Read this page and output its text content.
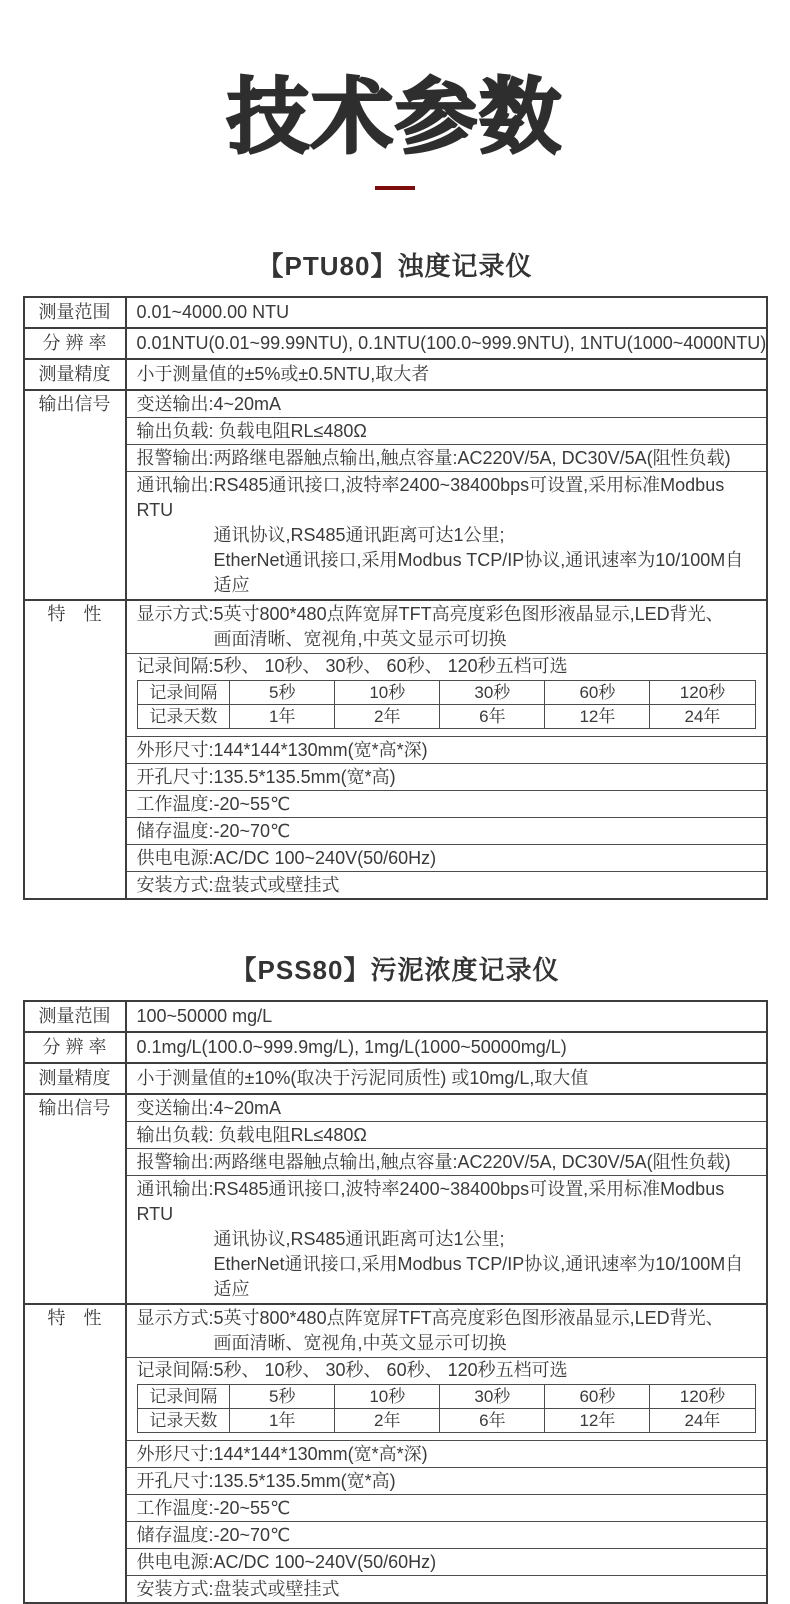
技术参数
【PTU80】浊度记录仪
测量范围	0.01~4000.00 NTU
分 辨 率	0.01NTU(0.01~99.99NTU), 0.1NTU(100.0~999.9NTU), 1NTU(1000~4000NTU)
测量精度	小于测量值的±5%或±0.5NTU,取大者
输出信号	变送输出:4~20mA
输出负载: 负载电阻RL≤480Ω
报警输出:两路继电器触点输出,触点容量:AC220V/5A, DC30V/5A(阻性负载)
通讯输出:RS485通讯接口,波特率2400~38400bps可设置,采用标准Modbus RTU
通讯协议,RS485通讯距离可达1公里;
EtherNet通讯接口,采用Modbus TCP/IP协议,通讯速率为10/100M自适应
特　性	显示方式:5英寸800*480点阵宽屏TFT高亮度彩色图形液晶显示,LED背光、
画面清晰、宽视角,中英文显示可切换
记录间隔:5秒、 10秒、 30秒、 60秒、 120秒五档可选
记录间隔	5秒	10秒	30秒	60秒	120秒
记录天数	1年	2年	6年	12年	24年
外形尺寸:144*144*130mm(宽*高*深)
开孔尺寸:135.5*135.5mm(宽*高)
工作温度:-20~55℃
储存温度:-20~70℃
供电电源:AC/DC 100~240V(50/60Hz)
安装方式:盘装式或壁挂式
【PSS80】污泥浓度记录仪
测量范围	100~50000 mg/L
分 辨 率	0.1mg/L(100.0~999.9mg/L), 1mg/L(1000~50000mg/L)
测量精度	小于测量值的±10%(取决于污泥同质性) 或10mg/L,取大值
输出信号	变送输出:4~20mA
输出负载: 负载电阻RL≤480Ω
报警输出:两路继电器触点输出,触点容量:AC220V/5A, DC30V/5A(阻性负载)
通讯输出:RS485通讯接口,波特率2400~38400bps可设置,采用标准Modbus RTU
通讯协议,RS485通讯距离可达1公里;
EtherNet通讯接口,采用Modbus TCP/IP协议,通讯速率为10/100M自适应
特　性	显示方式:5英寸800*480点阵宽屏TFT高亮度彩色图形液晶显示,LED背光、
画面清晰、宽视角,中英文显示可切换
记录间隔:5秒、 10秒、 30秒、 60秒、 120秒五档可选
记录间隔	5秒	10秒	30秒	60秒	120秒
记录天数	1年	2年	6年	12年	24年
外形尺寸:144*144*130mm(宽*高*深)
开孔尺寸:135.5*135.5mm(宽*高)
工作温度:-20~55℃
储存温度:-20~70℃
供电电源:AC/DC 100~240V(50/60Hz)
安装方式:盘装式或壁挂式
